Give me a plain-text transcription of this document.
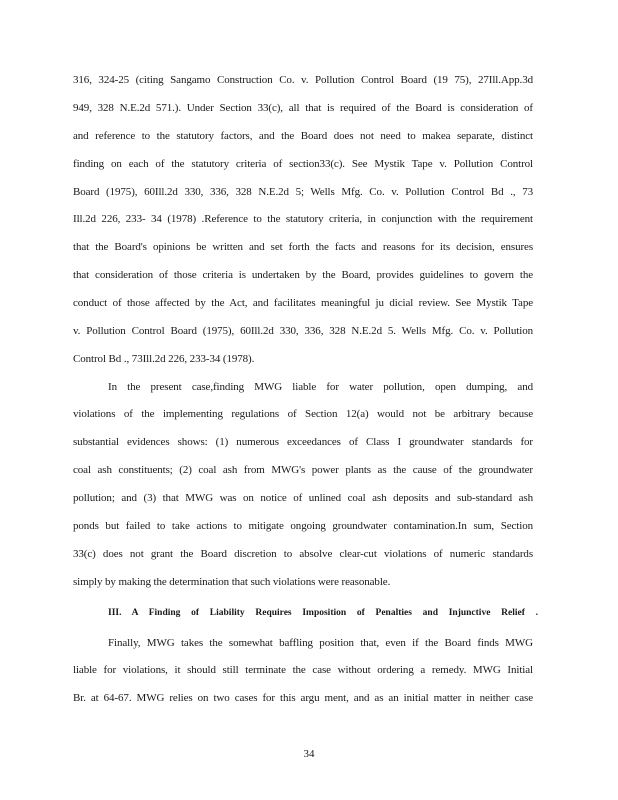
316, 324-25 (citing Sangamo Construction Co. v. Pollution Control Board (19 75), 27Ill.App.3d
949, 328 N.E.2d 571.). Under Section 33(c), all that is required of the Board is consideration of
and reference to the statutory factors, and the Board does not need to makea separate, distinct
finding on each of the statutory criteria of section33(c). See Mystik Tape v. Pollution Control
Board (1975), 60Ill.2d 330, 336, 328 N.E.2d 5; Wells Mfg. Co. v. Pollution Control Bd ., 73
Ill.2d 226, 233- 34 (1978) .Reference to the statutory criteria, in conjunction with the requirement
that the Board's opinions be written and set forth the facts and reasons for its decision, ensures
that consideration of those criteria is undertaken by the Board, provides guidelines to govern the
conduct of those affected by the Act, and facilitates meaningful ju dicial review. See Mystik Tape
v. Pollution Control Board (1975), 60Ill.2d 330, 336, 328 N.E.2d 5. Wells Mfg. Co. v. Pollution
Control Bd ., 73Ill.2d 226, 233-34 (1978).
In the present case,finding MWG liable for water pollution, open dumping, and
violations of the implementing regulations of Section 12(a) would not be arbitrary because
substantial evidences shows: (1) numerous exceedances of Class I groundwater standards for
coal ash constituents; (2) coal ash from MWG's power plants as the cause of the groundwater
pollution; and (3) that MWG was on notice of unlined coal ash deposits and sub-standard ash
ponds but failed to take actions to mitigate ongoing groundwater contamination.In sum, Section
33(c) does not grant the Board discretion to absolve clear-cut violations of numeric standards
simply by making the determination that such violations were reasonable.
III. A Finding of Liability Requires Imposition of Penalties and Injunctive Relief .
Finally, MWG takes the somewhat baffling position that, even if the Board finds MWG
liable for violations, it should still terminate the case without ordering a remedy. MWG Initial
Br. at 64-67. MWG relies on two cases for this argu ment, and as an initial matter in neither case
34
